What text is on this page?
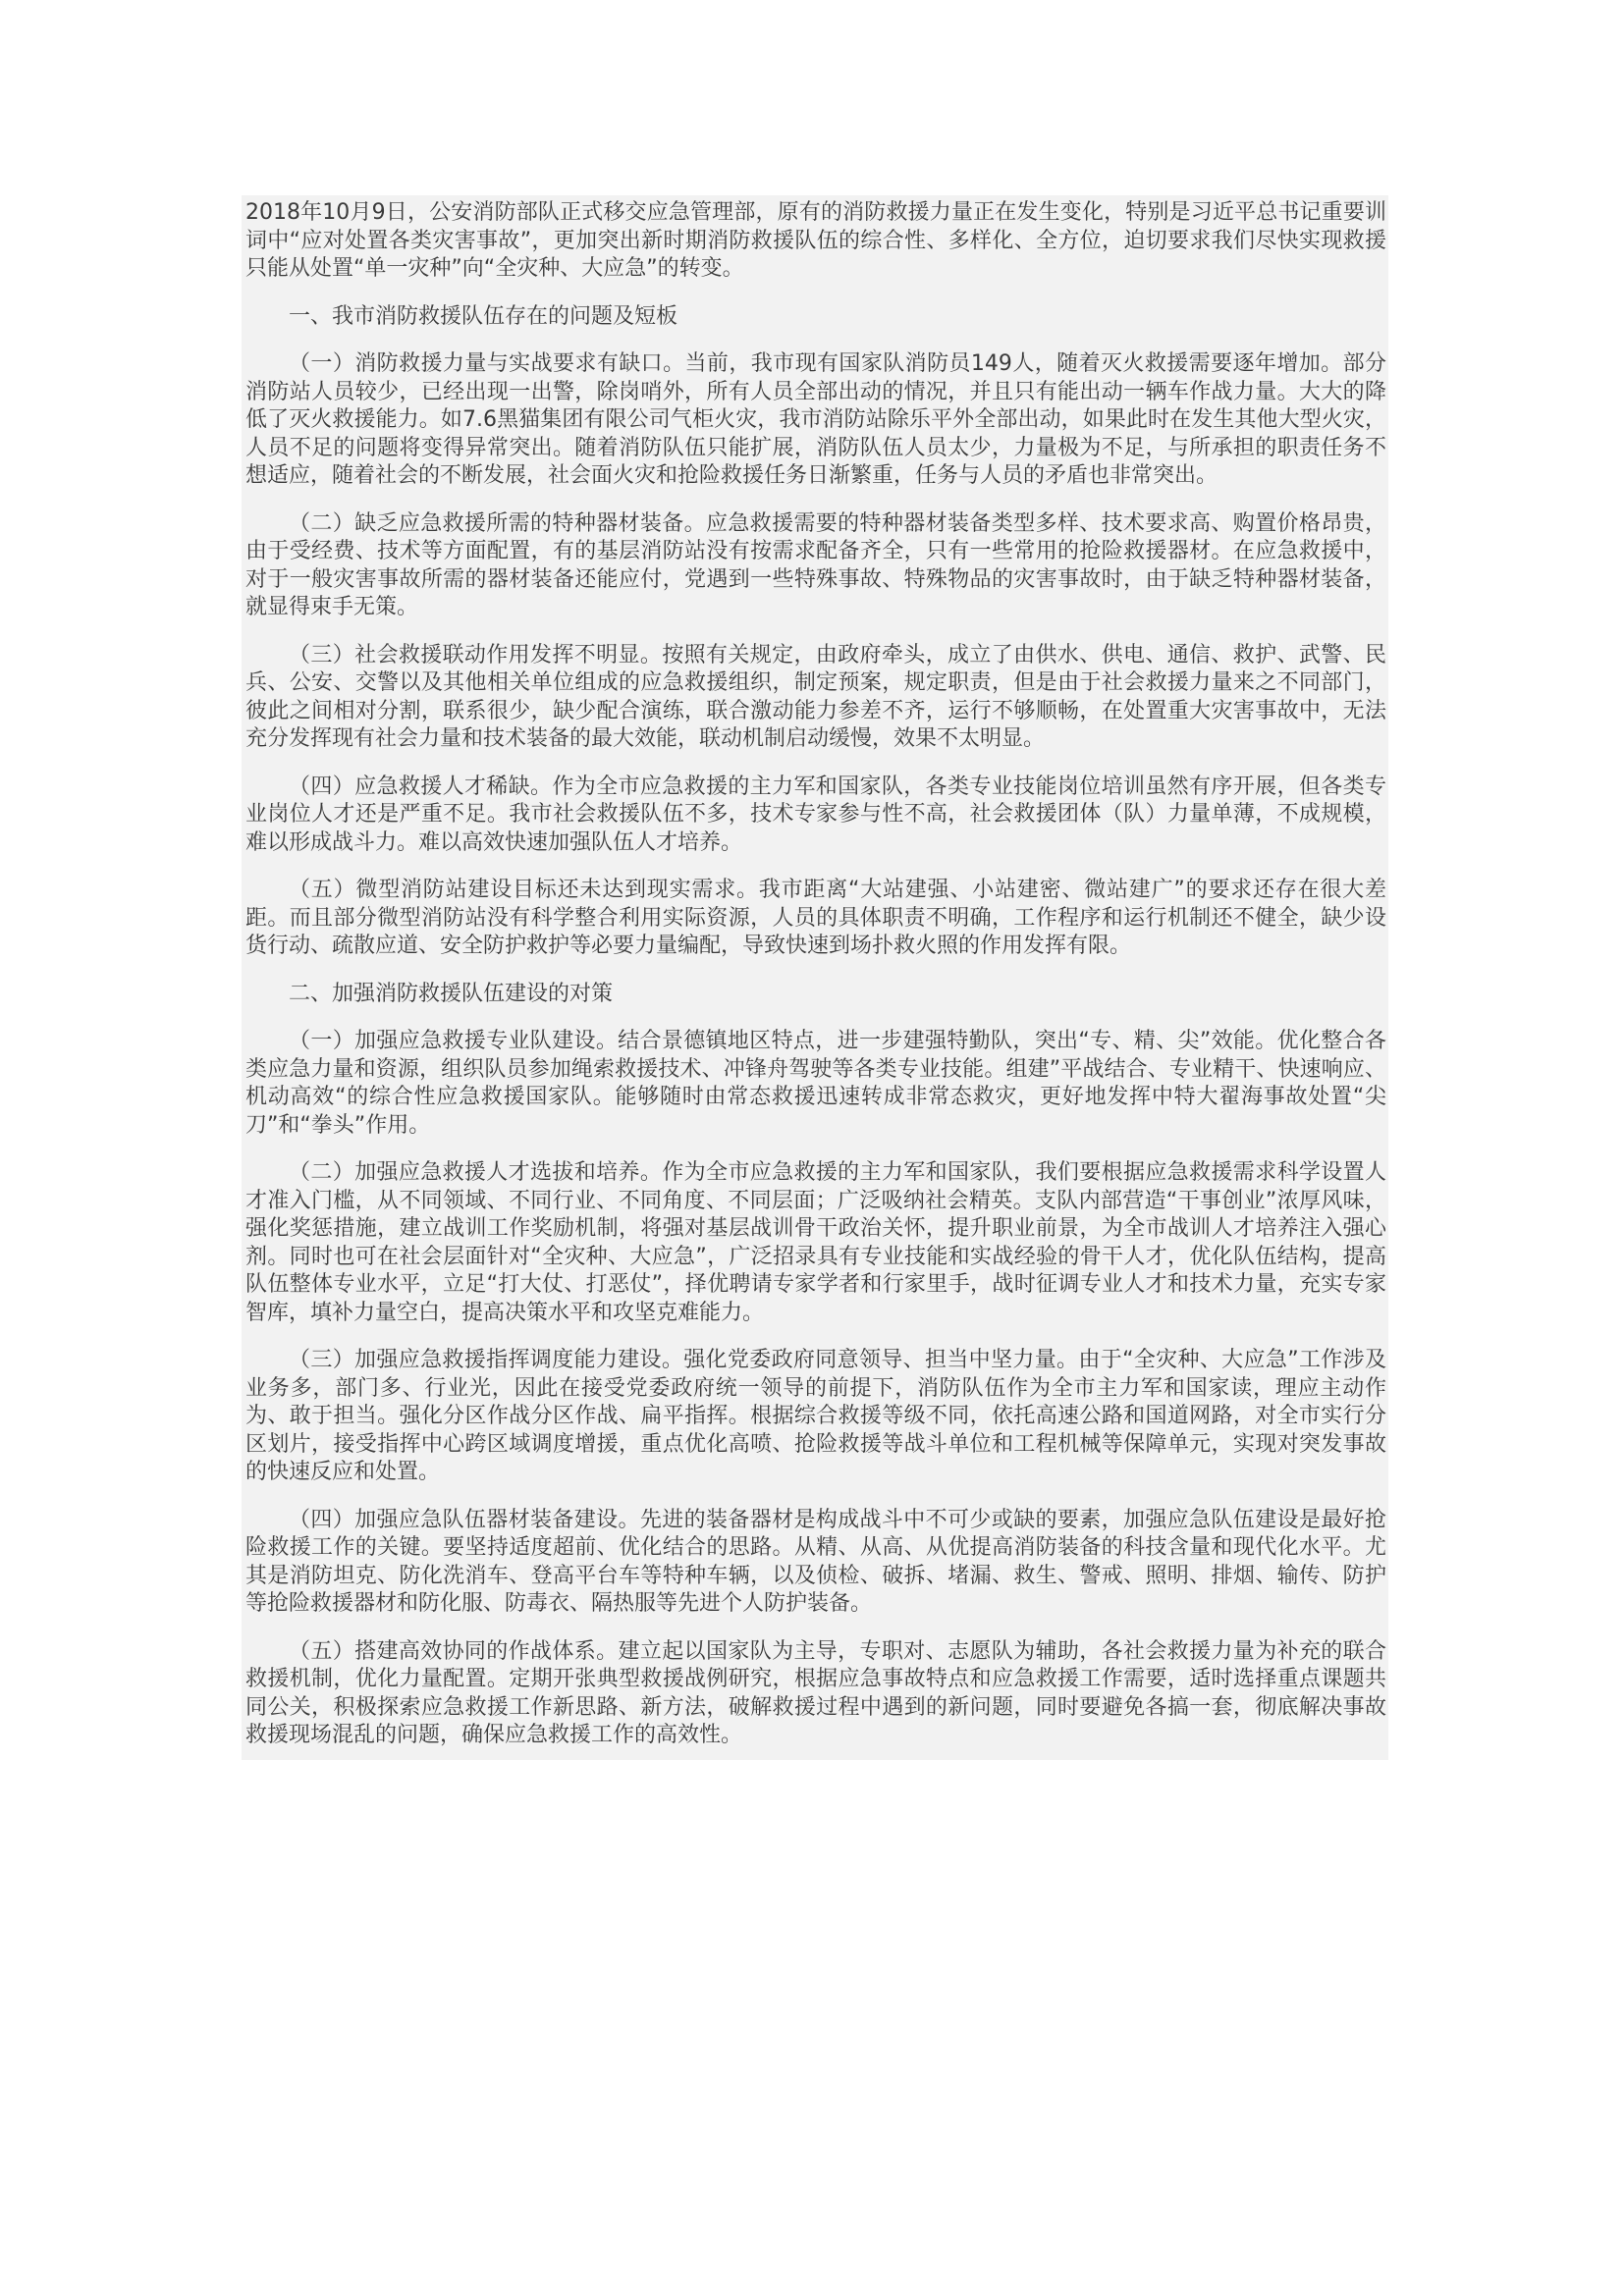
2018年10月9日，公安消防部队正式移交应急管理部，原有的消防救援力量正在发生变化，特别是习近平总书记重要训词中“应对处置各类灾害事故”，更加突出新时期消防救援队伍的综合性、多样化、全方位，迫切要求我们尽快实现救援只能从处置“单一灾种”向“全灾种、大应急”的转变。

一、我市消防救援队伍存在的问题及短板

（一）消防救援力量与实战要求有缺口。当前，我市现有国家队消防员149人，随着灭火救援需要逐年增加。部分消防站人员较少，已经出现一出警，除岗哨外，所有人员全部出动的情况，并且只有能出动一辆车作战力量。大大的降低了灭火救援能力。如7.6黑猫集团有限公司气柜火灾，我市消防站除乐平外全部出动，如果此时在发生其他大型火灾，人员不足的问题将变得异常突出。随着消防队伍只能扩展，消防队伍人员太少，力量极为不足，与所承担的职责任务不想适应，随着社会的不断发展，社会面火灾和抢险救援任务日渐繁重，任务与人员的矛盾也非常突出。

（二）缺乏应急救援所需的特种器材装备。应急救援需要的特种器材装备类型多样、技术要求高、购置价格昂贵，由于受经费、技术等方面配置，有的基层消防站没有按需求配备齐全，只有一些常用的抢险救援器材。在应急救援中，对于一般灾害事故所需的器材装备还能应付，党遇到一些特殊事故、特殊物品的灾害事故时，由于缺乏特种器材装备，就显得束手无策。

（三）社会救援联动作用发挥不明显。按照有关规定，由政府牵头，成立了由供水、供电、通信、救护、武警、民兵、公安、交警以及其他相关单位组成的应急救援组织，制定预案，规定职责，但是由于社会救援力量来之不同部门，彼此之间相对分割，联系很少，缺少配合演练，联合激动能力参差不齐，运行不够顺畅，在处置重大灾害事故中，无法充分发挥现有社会力量和技术装备的最大效能，联动机制启动缓慢，效果不太明显。

（四）应急救援人才稀缺。作为全市应急救援的主力军和国家队，各类专业技能岗位培训虽然有序开展，但各类专业岗位人才还是严重不足。我市社会救援队伍不多，技术专家参与性不高，社会救援团体（队）力量单薄，不成规模，难以形成战斗力。难以高效快速加强队伍人才培养。

（五）微型消防站建设目标还未达到现实需求。我市距离“大站建强、小站建密、微站建广”的要求还存在很大差距。而且部分微型消防站没有科学整合利用实际资源，人员的具体职责不明确，工作程序和运行机制还不健全，缺少设货行动、疏散应道、安全防护救护等必要力量编配，导致快速到场扑救火照的作用发挥有限。

二、加强消防救援队伍建设的对策

（一）加强应急救援专业队建设。结合景德镇地区特点，进一步建强特勤队，突出“专、精、尖”效能。优化整合各类应急力量和资源，组织队员参加绳索救援技术、冲锋舟驾驶等各类专业技能。组建”平战结合、专业精干、快速响应、机动高效“的综合性应急救援国家队。能够随时由常态救援迅速转成非常态救灾，更好地发挥中特大翟海事故处置“尖刀”和“拳头”作用。

（二）加强应急救援人才选拔和培养。作为全市应急救援的主力军和国家队，我们要根据应急救援需求科学设置人才准入门槛，从不同领域、不同行业、不同角度、不同层面；广泛吸纳社会精英。支队内部营造“干事创业”浓厚风味，强化奖惩措施，建立战训工作奖励机制，将强对基层战训骨干政治关怀，提升职业前景，为全市战训人才培养注入强心剂。同时也可在社会层面针对“全灾种、大应急”，广泛招录具有专业技能和实战经验的骨干人才，优化队伍结构，提高队伍整体专业水平，立足“打大仗、打恶仗”，择优聘请专家学者和行家里手，战时征调专业人才和技术力量，充实专家智库，填补力量空白，提高决策水平和攻坚克难能力。

（三）加强应急救援指挥调度能力建设。强化党委政府同意领导、担当中坚力量。由于“全灾种、大应急”工作涉及业务多，部门多、行业光，因此在接受党委政府统一领导的前提下，消防队伍作为全市主力军和国家读，理应主动作为、敢于担当。强化分区作战分区作战、扁平指挥。根据综合救援等级不同，依托高速公路和国道网路，对全市实行分区划片，接受指挥中心跨区域调度增援，重点优化高喷、抢险救援等战斗单位和工程机械等保障单元，实现对突发事故的快速反应和处置。

（四）加强应急队伍器材装备建设。先进的装备器材是构成战斗中不可少或缺的要素，加强应急队伍建设是最好抢险救援工作的关键。要坚持适度超前、优化结合的思路。从精、从高、从优提高消防装备的科技含量和现代化水平。尤其是消防坦克、防化洗消车、登高平台车等特种车辆，以及侦检、破拆、堵漏、救生、警戒、照明、排烟、输传、防护等抢险救援器材和防化服、防毒衣、隔热服等先进个人防护装备。

（五）搭建高效协同的作战体系。建立起以国家队为主导，专职对、志愿队为辅助，各社会救援力量为补充的联合救援机制，优化力量配置。定期开张典型救援战例研究，根据应急事故特点和应急救援工作需要，适时选择重点课题共同公关，积极探索应急救援工作新思路、新方法，破解救援过程中遇到的新问题，同时要避免各搞一套，彻底解决事故救援现场混乱的问题，确保应急救援工作的高效性。
